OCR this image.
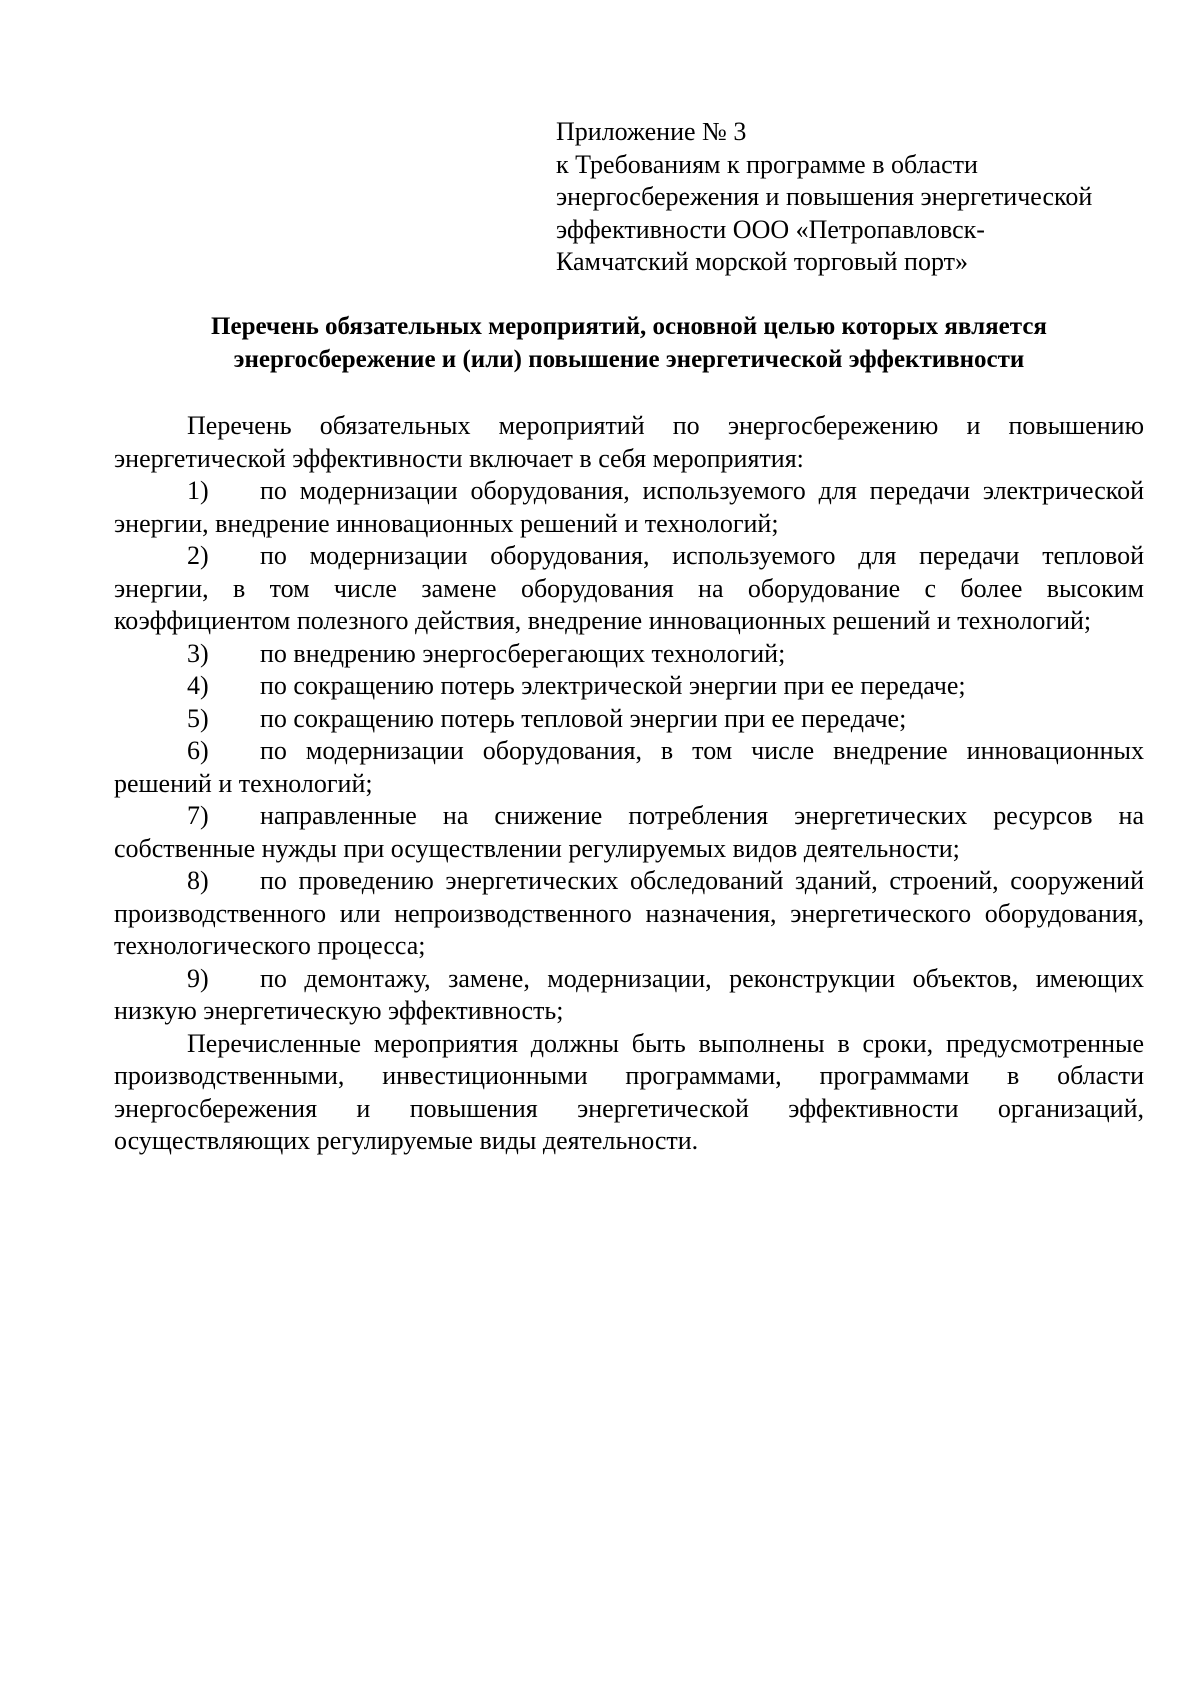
Приложение № 3
к Требованиям к программе в области
энергосбережения и повышения энергетической
эффективности ООО «Петропавловск-
Камчатский морской торговый порт»
Перечень обязательных мероприятий, основной целью которых является
энергосбережение и (или) повышение энергетической эффективности

Перечень обязательных мероприятий по энергосбережению и повышению энергетической эффективности включает в себя мероприятия:

1) по модернизации оборудования, используемого для передачи электрической энергии, внедрение инновационных решений и технологий;

2) по модернизации оборудования, используемого для передачи тепловой энергии, в том числе замене оборудования на оборудование с более высоким коэффициентом полезного действия, внедрение инновационных решений и технологий;

3) по внедрению энергосберегающих технологий;

4) по сокращению потерь электрической энергии при ее передаче;

5) по сокращению потерь тепловой энергии при ее передаче;

6) по модернизации оборудования, в том числе внедрение инновационных решений и технологий;

7) направленные на снижение потребления энергетических ресурсов на собственные нужды при осуществлении регулируемых видов деятельности;

8) по проведению энергетических обследований зданий, строений, сооружений производственного или непроизводственного назначения, энергетического оборудования, технологического процесса;

9) по демонтажу, замене, модернизации, реконструкции объектов, имеющих низкую энергетическую эффективность;

Перечисленные мероприятия должны быть выполнены в сроки, предусмотренные производственными, инвестиционными программами, программами в области энергосбережения и повышения энергетической эффективности организаций, осуществляющих регулируемые виды деятельности.
